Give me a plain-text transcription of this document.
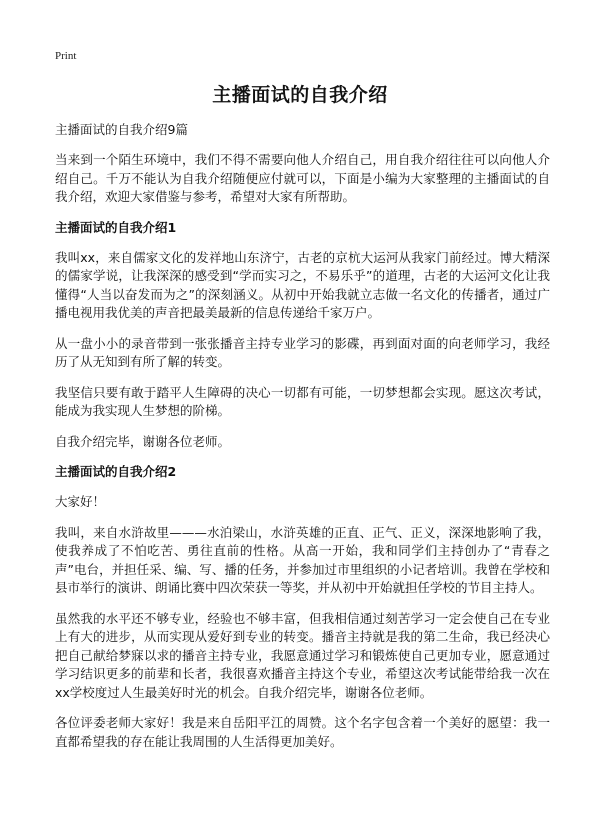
Print
主播面试的自我介绍
主播面试的自我介绍9篇

当来到一个陌生环境中，我们不得不需要向他人介绍自己，用自我介绍往往可以向他人介绍自己。千万不能认为自我介绍随便应付就可以，下面是小编为大家整理的主播面试的自我介绍，欢迎大家借鉴与参考，希望对大家有所帮助。

主播面试的自我介绍1

我叫xx，来自儒家文化的发祥地山东济宁，古老的京杭大运河从我家门前经过。博大精深的儒家学说，让我深深的感受到“学而实习之，不易乐乎”的道理，古老的大运河文化让我懂得“人当以奋发而为之”的深刻涵义。从初中开始我就立志做一名文化的传播者，通过广播电视用我优美的声音把最美最新的信息传递给千家万户。

从一盘小小的录音带到一张张播音主持专业学习的影碟，再到面对面的向老师学习，我经历了从无知到有所了解的转变。

我坚信只要有敢于踏平人生障碍的决心一切都有可能，一切梦想都会实现。愿这次考试，能成为我实现人生梦想的阶梯。

自我介绍完毕，谢谢各位老师。

主播面试的自我介绍2

大家好！

我叫，来自水浒故里———水泊梁山，水浒英雄的正直、正气、正义，深深地影响了我，使我养成了不怕吃苦、勇往直前的性格。从高一开始，我和同学们主持创办了“青春之声”电台，并担任采、编、写、播的任务，并参加过市里组织的小记者培训。我曾在学校和县市举行的演讲、朗诵比赛中四次荣获一等奖，并从初中开始就担任学校的节目主持人。

虽然我的水平还不够专业，经验也不够丰富，但我相信通过刻苦学习一定会使自己在专业上有大的进步，从而实现从爱好到专业的转变。播音主持就是我的第二生命，我已经决心把自己献给梦寐以求的播音主持专业，我愿意通过学习和锻炼使自己更加专业，愿意通过学习结识更多的前辈和长者，我很喜欢播音主持这个专业，希望这次考试能带给我一次在xx学校度过人生最美好时光的机会。自我介绍完毕，谢谢各位老师。

各位评委老师大家好！我是来自岳阳平江的周赞。这个名字包含着一个美好的愿望：我一直都希望我的存在能让我周围的人生活得更加美好。
